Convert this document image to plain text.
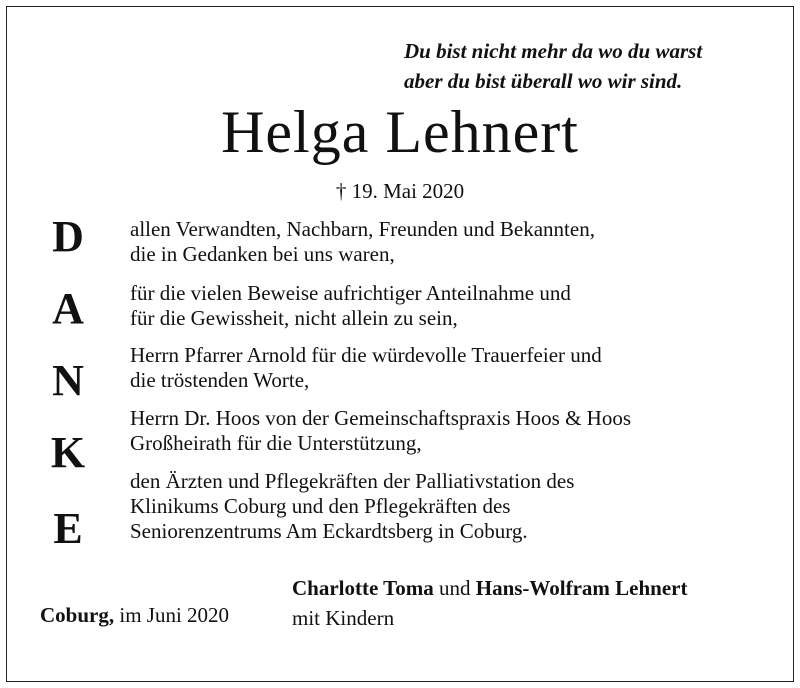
Du bist nicht mehr da wo du warst
aber du bist überall wo wir sind.
Helga Lehnert
† 19. Mai 2020
D
A
N
K
E
allen Verwandten, Nachbarn, Freunden und Bekannten,
die in Gedanken bei uns waren,
für die vielen Beweise aufrichtiger Anteilnahme und
für die Gewissheit, nicht allein zu sein,
Herrn Pfarrer Arnold für die würdevolle Trauerfeier und
die tröstenden Worte,
Herrn Dr. Hoos von der Gemeinschaftspraxis Hoos & Hoos
Großheirath für die Unterstützung,
den Ärzten und Pflegekräften der Palliativstation des
Klinikums Coburg und den Pflegekräften des
Seniorenzentrums Am Eckardtsberg in Coburg.
Coburg, im Juni 2020
Charlotte Toma und Hans-Wolfram Lehnert
mit Kindern
